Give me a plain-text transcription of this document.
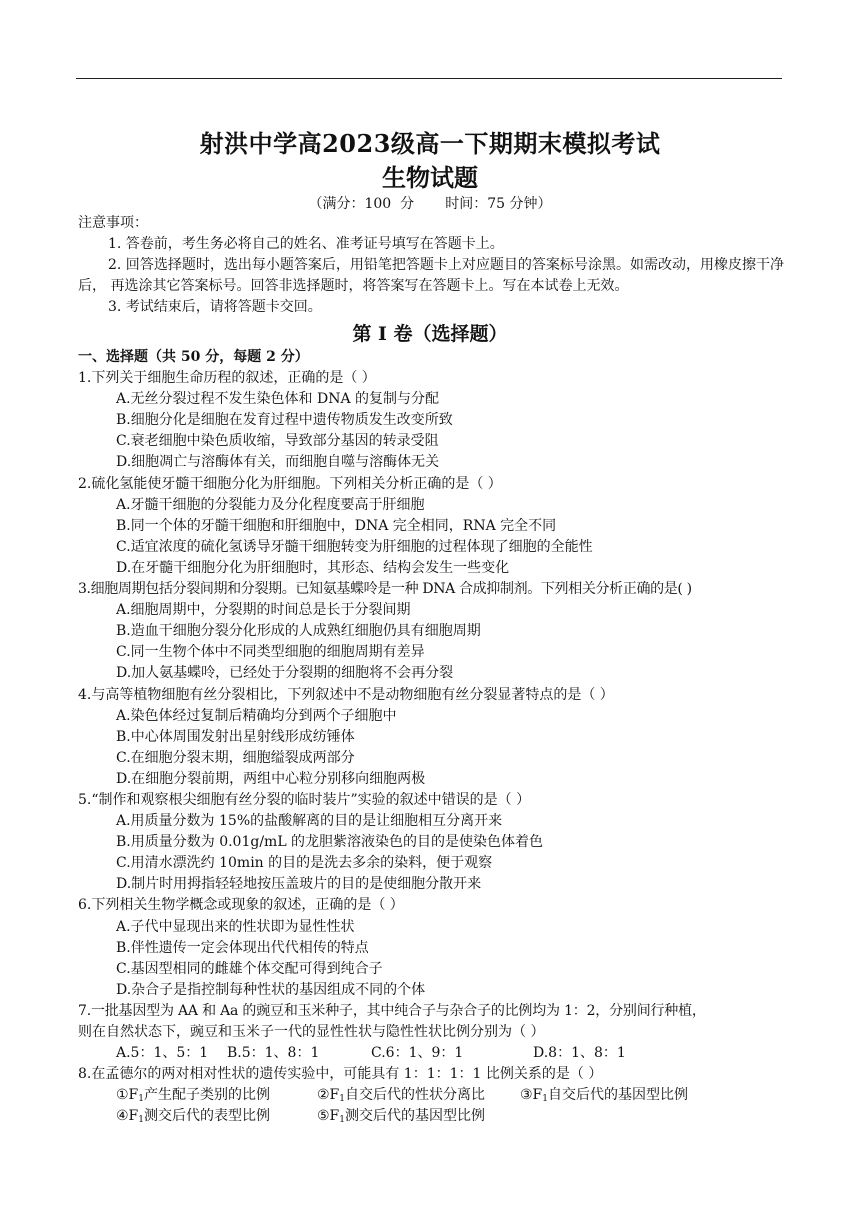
射洪中学高2023级高一下期期末模拟考试
生物试题
（满分：100  分       时间：75 分钟）
注意事项：
1. 答卷前，考生务必将自己的姓名、准考证号填写在答题卡上。
2. 回答选择题时，选出每小题答案后，用铅笔把答题卡上对应题目的答案标号涂黑。如需改动，用橡皮擦干净后， 再选涂其它答案标号。回答非选择题时，将答案写在答题卡上。写在本试卷上无效。
3. 考试结束后，请将答题卡交回。
第 I 卷（选择题）
一、选择题（共 50 分，每题 2 分）
1.下列关于细胞生命历程的叙述，正确的是（ ）
A.无丝分裂过程不发生染色体和 DNA 的复制与分配
B.细胞分化是细胞在发育过程中遗传物质发生改变所致
C.衰老细胞中染色质收缩，导致部分基因的转录受阻
D.细胞凋亡与溶酶体有关，而细胞自噬与溶酶体无关
2.硫化氢能使牙髓干细胞分化为肝细胞。下列相关分析正确的是（ ）
A.牙髓干细胞的分裂能力及分化程度要高于肝细胞
B.同一个体的牙髓干细胞和肝细胞中，DNA 完全相同，RNA 完全不同
C.适宜浓度的硫化氢诱导牙髓干细胞转变为肝细胞的过程体现了细胞的全能性
D.在牙髓干细胞分化为肝细胞时，其形态、结构会发生一些变化
3.细胞周期包括分裂间期和分裂期。已知氨基蝶呤是一种 DNA 合成抑制剂。下列相关分析正确的是( )
A.细胞周期中，分裂期的时间总是长于分裂间期
B.造血干细胞分裂分化形成的人成熟红细胞仍具有细胞周期
C.同一生物个体中不同类型细胞的细胞周期有差异
D.加人氨基蝶呤，已经处于分裂期的细胞将不会再分裂
4.与高等植物细胞有丝分裂相比，下列叙述中不是动物细胞有丝分裂显著特点的是（ ）
A.染色体经过复制后精确均分到两个子细胞中
B.中心体周围发射出星射线形成纺锤体
C.在细胞分裂末期，细胞缢裂成两部分
D.在细胞分裂前期，两组中心粒分别移向细胞两极
5.“制作和观察根尖细胞有丝分裂的临时装片”实验的叙述中错误的是（ ）
A.用质量分数为 15%的盐酸解离的目的是让细胞相互分离开来
B.用质量分数为 0.01g/mL 的龙胆紫溶液染色的目的是使染色体着色
C.用清水漂洗约 10min 的目的是洗去多余的染料，便于观察
D.制片时用拇指轻轻地按压盖玻片的目的是使细胞分散开来
6.下列相关生物学概念或现象的叙述，正确的是（ ）
A.子代中显现出来的性状即为显性性状
B.伴性遗传一定会体现出代代相传的特点
C.基因型相同的雌雄个体交配可得到纯合子
D.杂合子是指控制每种性状的基因组成不同的个体
7.一批基因型为 AA 和 Aa 的豌豆和玉米种子，其中纯合子与杂合子的比例均为 1：2，分别间行种植，
则在自然状态下，豌豆和玉米子一代的显性性状与隐性性状比例分别为（ ）
A.5：1、5：1	B.5：1、8：1	C.6：1、9：1	D.8：1、8：1
8.在孟德尔的两对相对性状的遗传实验中，可能具有 1：1：1：1 比例关系的是（ ）
①F1产生配子类别的比例	②F1自交后代的性状分离比	③F1自交后代的基因型比例
④F1测交后代的表型比例	⑤F1测交后代的基因型比例
